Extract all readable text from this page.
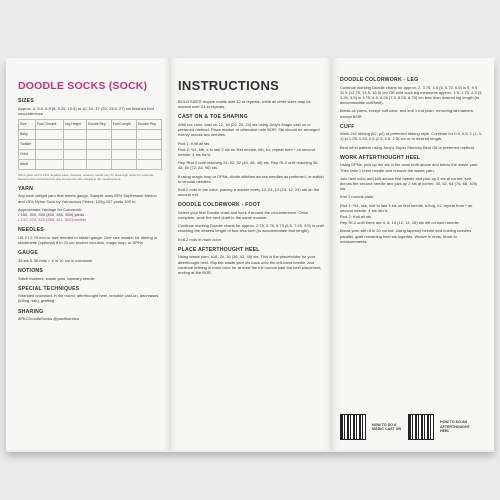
DOODLE SOCKS (SOCK)
SIZES

Approx. 4, 5.5, 6.5 (8, 9.25, 10.5) in 10, 14, 17 (20, 23.5, 27) cm finished foot circumference

Size	Foot Circumf.	Leg Height	Doodle Rep	Foot Length	Doodle Rep
Baby					
Toddler					
Child					
Adult					

Sizes given with 0-10% negative ease, however, wearers' needs vary for knee-high socks for example. Measure foot circumference and choose the size closest to the measurement.

YARN

Any sock weight yarn that meets gauge. Sample uses 85% Superwash Merino and 15% Nylon Sock by Yarnacious Fibers, 100g 437 yards 400 m.

Approximate Yardage for Colorwork:

• 150, 300, 350 (400, 450, 550) yards

• 137, 274, 320 (365, 411, 502) meters

NEEDLES

US 2 / 2.75 mm or size needed to obtain gauge. One size smaller for ribbing or stockinette (optional) 8 in 20 cm shorter circulars, magic loop, or DPNs

GAUGE

36 sts & 36 rnds = 4 in 10 cm in colorwork

NOTIONS

Stitch markers, waste yarn, tapestry needle

SPECIAL TECHNIQUES

Stranded colorwork in the round, afterthought heel, invisible cast-on, decreases (k2tog, ssk), grafting

SHARING

#PKCDoodleSocks @pacificknitco

INSTRUCTIONS

BOLD SIZES require motifs with 12-st repeats, while all other sizes may be worked over 24-st repeats.

CAST ON & TOE SHAPING

With toe color, cast on 12, 16 (20, 24, 24) sts using Judy's Magic cast on or preferred method. Place marker or otherwise note BOR. Sts should be arranged evenly across two needles.

Rnd 1: Knit all sts.

Rnd 2: *k1, kfb, k to last 2 sts on first needle, kfb, k1; repeat from * on second needle. 4 sts inc'd.

Rep Rnd 2 until reaching 24, 32, 32 (40, 48, 48) sts. Rep Rf-2 until reaching 36, 48, 60 (72, 84, 96) sts.

If using magic loop or DPNs, divide stitches across needles as preferred, or switch to circular needles.

Knit 2 rnds in toe color, placing a marker every 12, 24, 12 (24, 12, 24) sts on the second rnd.

DOODLE COLORWORK - FOOT

Select your first Doodle chart and work it around the circumference. Once complete, work the next chart in the same manner.

Continue working Doodle charts for approx. 2.75, 3.75, 5.75 (6.5, 7.25, 9.5) in until reaching the desired length of foot less heel (to accommodate foot length).

Knit 2 rnds in main color.

PLACE AFTERTHOUGHT HEEL

Using waste yarn, k18, 24, 30 (36, 42, 48) sts. This is the placeholder for your afterthought heel. Slip the waste yarn sts back onto the left-hand needle, and continue knitting in main color for at least the full rounds past the heel placement, ending at the BOR.

DOODLE COLORWORK - LEG

Continue working Doodle charts for approx. 2, 3.75, 4.5 (5, 5.75, 6.5) in 5, 9.5, 11.5 (12.75, 14.5, 16.5) cm OR until sock leg measures approx. 1.5, 1.75, 2.5 (3, 3.25, 3.5) in 3.75, 4.5, 6.25 (7.5, 8.25, 8.75) cm less than desired leg length (to accommodate cuff/heel).

Break all yarns, except cuff color, and knit 1 rnd plain, removing all markers except BOR.

CUFF

Work 2x2 ribbing (k2, p2) or preferred ribbing style. Continue for 0.5, 0.5, 1 (1, 1, 1) in 1.25, 1.25, 2.5 (2.5, 2.5, 2.5) cm or to desired length.

Bind off in pattern using Jeny's Super Stretchy Bind Off or preferred method.

WORK AFTERTHOUGHT HEEL

Using DPNs, pick up the sts in the rows both above and below the waste yarn. Then take 1 burst needle and remove the waste yarn.

Join heel color and knit across first needle and pick up 2 sts at corner. Knit across the second needle and pick up 2 sts at corner. 40, 52, 64 (76, 88, 100) sts.

Knit 2 rounds plain.

Rnd 1: *k1, ssk, knit to last 3 sts on first needle, k2tog, k1; repeat from * on second needle. 4 sts dec'd.

Rnd 2: Knit all sts.

Rep Rf-2 until there are 4, 8, 10 (12, 14, 16) sts left on each needle.

Break yarn with 8 in 20 cm tail. Using tapestry needle and holding needles parallel, graft remaining heel sts together. Weave in ends; block to measurements.

HOW TO DO A MAGIC CAST ON
HOW TO DO AN AFTERTHOUGHT HEEL
